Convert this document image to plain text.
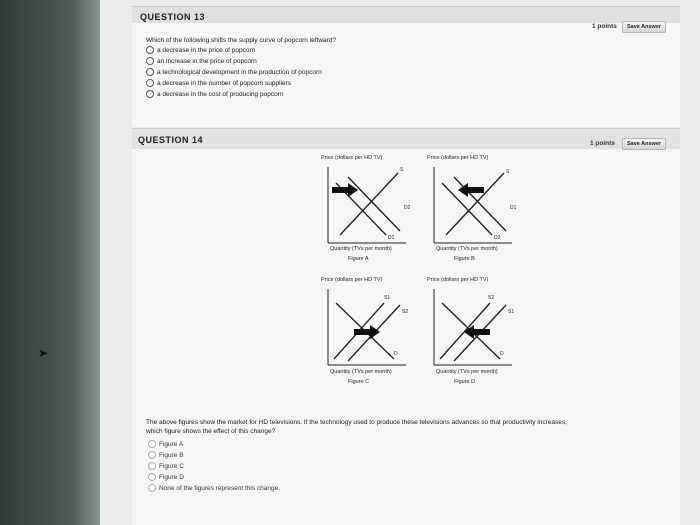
➤
QUESTION 13
1 points	Save Answer
Which of the following shifts the supply curve of popcorn leftward?
a decrease in the price of popcorn
an increase in the price of popcorn
a technological development in the production of popcorn
a decrease in the number of popcorn suppliers
a decrease in the cost of producing popcorn
QUESTION 14	1 points	Save Answer
Price (dollars per HD TV)
S
D2
D1
Quantity (TVs per month)
Figure A
Price (dollars per HD TV)
S
D1
D2
Quantity (TVs per month)
Figure B
Price (dollars per HD TV)
S1
S2
D
Quantity (TVs per month)
Figure C
Price (dollars per HD TV)
S2
S1
D
Quantity (TVs per month)
Figure D
The above figures show the market for HD televisions. If the technology used to produce these televisions advances so that productivity increases,
which figure shows the effect of this change?
Figure A
Figure B
Figure C
Figure D
None of the figures represent this change.
